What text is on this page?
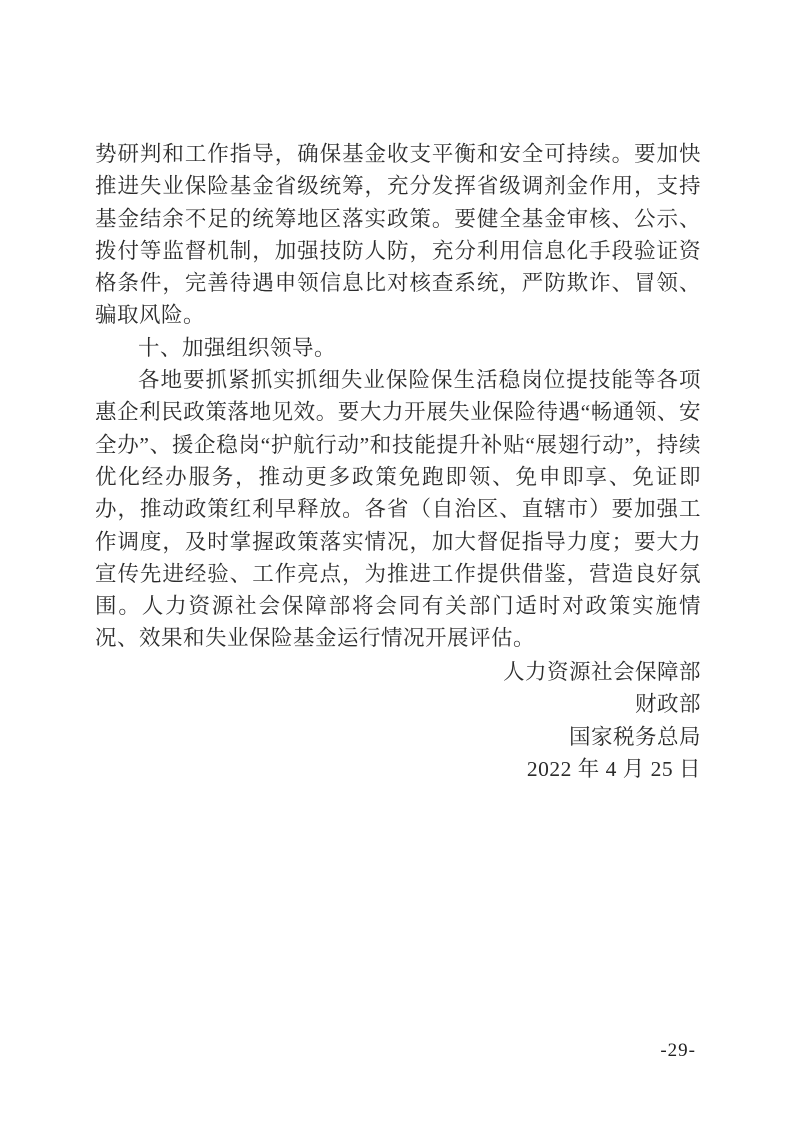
势研判和工作指导，确保基金收支平衡和安全可持续。要加快推进失业保险基金省级统筹，充分发挥省级调剂金作用，支持基金结余不足的统筹地区落实政策。要健全基金审核、公示、拨付等监督机制，加强技防人防，充分利用信息化手段验证资格条件，完善待遇申领信息比对核查系统，严防欺诈、冒领、骗取风险。

十、加强组织领导。

各地要抓紧抓实抓细失业保险保生活稳岗位提技能等各项惠企利民政策落地见效。要大力开展失业保险待遇“畅通领、安全办”、援企稳岗“护航行动”和技能提升补贴“展翅行动”，持续优化经办服务，推动更多政策免跑即领、免申即享、免证即办，推动政策红利早释放。各省（自治区、直辖市）要加强工作调度，及时掌握政策落实情况，加大督促指导力度；要大力宣传先进经验、工作亮点，为推进工作提供借鉴，营造良好氛围。人力资源社会保障部将会同有关部门适时对政策实施情况、效果和失业保险基金运行情况开展评估。

人力资源社会保障部

财政部

国家税务总局

2022 年 4 月 25 日

-29-
